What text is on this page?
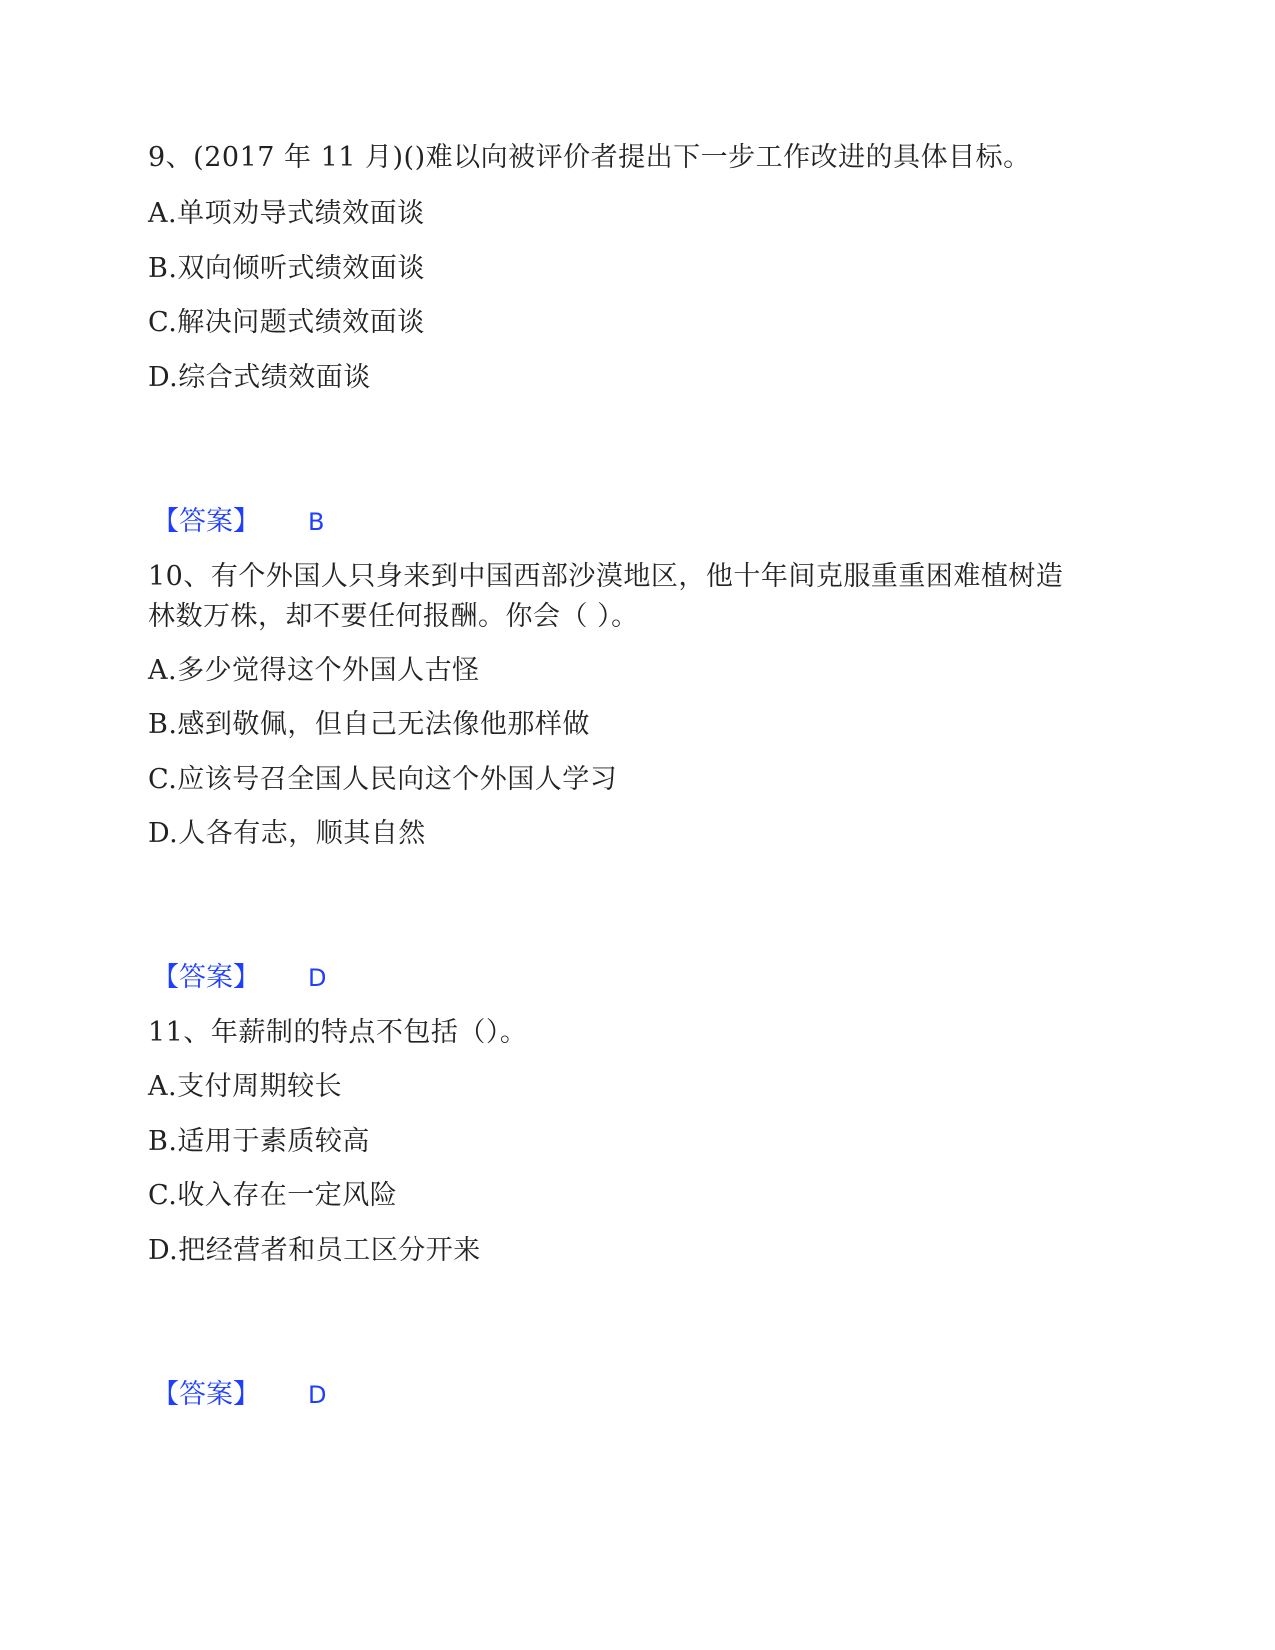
9、(2017 年 11 月)()难以向被评价者提出下一步工作改进的具体目标。
A.单项劝导式绩效面谈
B.双向倾听式绩效面谈
C.解决问题式绩效面谈
D.综合式绩效面谈
【答案】 B
10、有个外国人只身来到中国西部沙漠地区，他十年间克服重重困难植树造
林数万株，却不要任何报酬。你会（ ）。
A.多少觉得这个外国人古怪
B.感到敬佩，但自己无法像他那样做
C.应该号召全国人民向这个外国人学习
D.人各有志，顺其自然
【答案】 D
11、年薪制的特点不包括（）。
A.支付周期较长
B.适用于素质较高
C.收入存在一定风险
D.把经营者和员工区分开来
【答案】 D
